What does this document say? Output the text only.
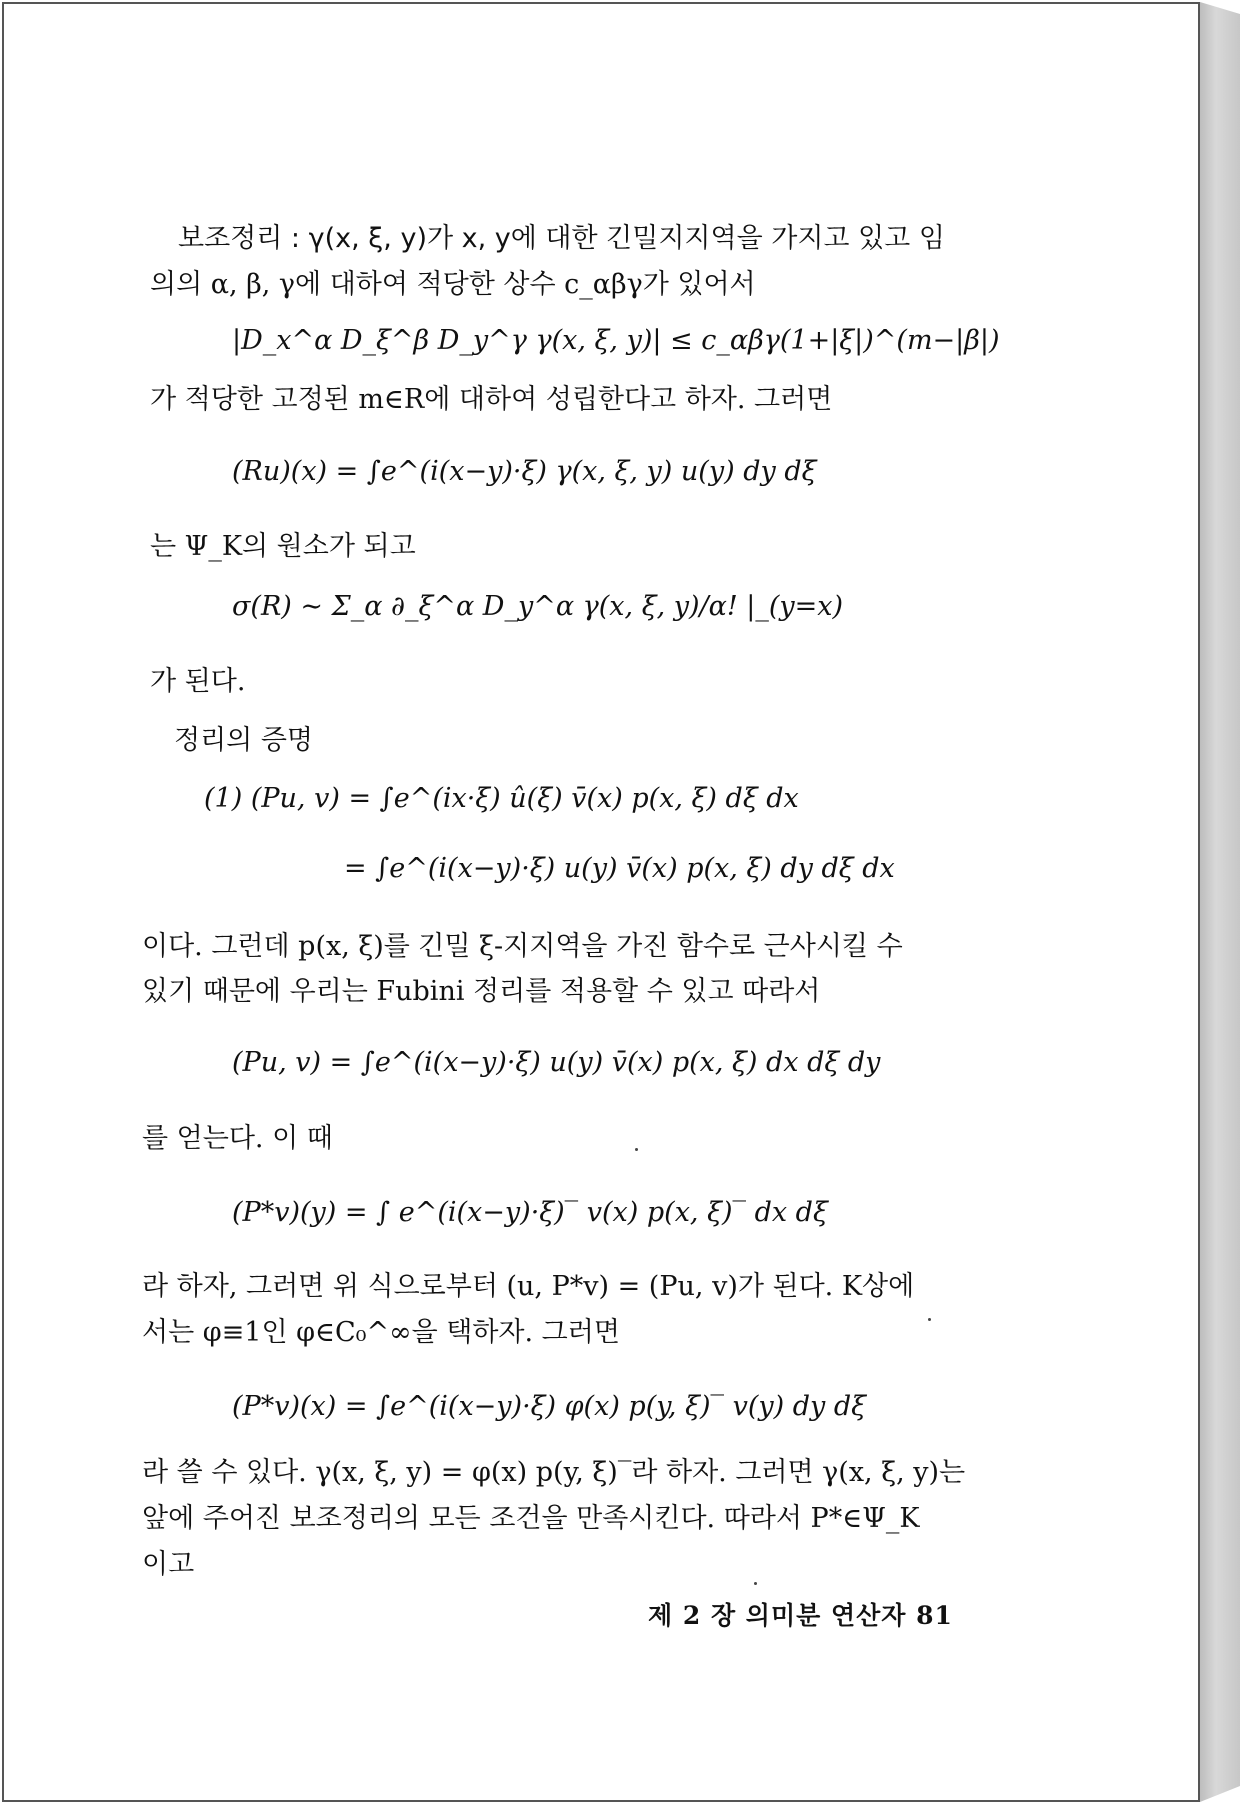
보조정리 : γ(x, ξ, y)가 x, y에 대한 긴밀지지역을 가지고 있고 임
의의 α, β, γ에 대하여 적당한 상수 c_αβγ가 있어서
|D_x^α D_ξ^β D_y^γ γ(x, ξ, y)| ≤ c_αβγ(1+|ξ|)^(m−|β|)
가 적당한 고정된 m∈R에 대하여 성립한다고 하자. 그러면
(Ru)(x) = ∫e^(i(x−y)·ξ) γ(x, ξ, y) u(y) dy dξ
는 Ψ_K의 원소가 되고
σ(R) ∼ Σ_α ∂_ξ^α D_y^α γ(x, ξ, y)/α! |_(y=x)
가 된다.
정리의 증명
(1) (Pu, v) = ∫e^(ix·ξ) û(ξ) v̄(x) p(x, ξ) dξ dx
= ∫e^(i(x−y)·ξ) u(y) v̄(x) p(x, ξ) dy dξ dx
이다. 그런데 p(x, ξ)를 긴밀 ξ-지지역을 가진 함수로 근사시킬 수
있기 때문에 우리는 Fubini 정리를 적용할 수 있고 따라서
(Pu, v) = ∫e^(i(x−y)·ξ) u(y) v̄(x) p(x, ξ) dx dξ dy
를 얻는다. 이 때
(P*v)(y) = ∫ e^(i(x−y)·ξ)‾ v(x) p(x, ξ)‾ dx dξ
라 하자, 그러면 위 식으로부터 (u, P*v) = (Pu, v)가 된다. K상에
서는 φ≡1인 φ∈C₀^∞을 택하자. 그러면
(P*v)(x) = ∫e^(i(x−y)·ξ) φ(x) p(y, ξ)‾ v(y) dy dξ
라 쓸 수 있다. γ(x, ξ, y) = φ(x) p(y, ξ)‾라 하자. 그러면 γ(x, ξ, y)는
앞에 주어진 보조정리의 모든 조건을 만족시킨다. 따라서 P*∈Ψ_K
이고
제 2 장 의미분 연산자 81
